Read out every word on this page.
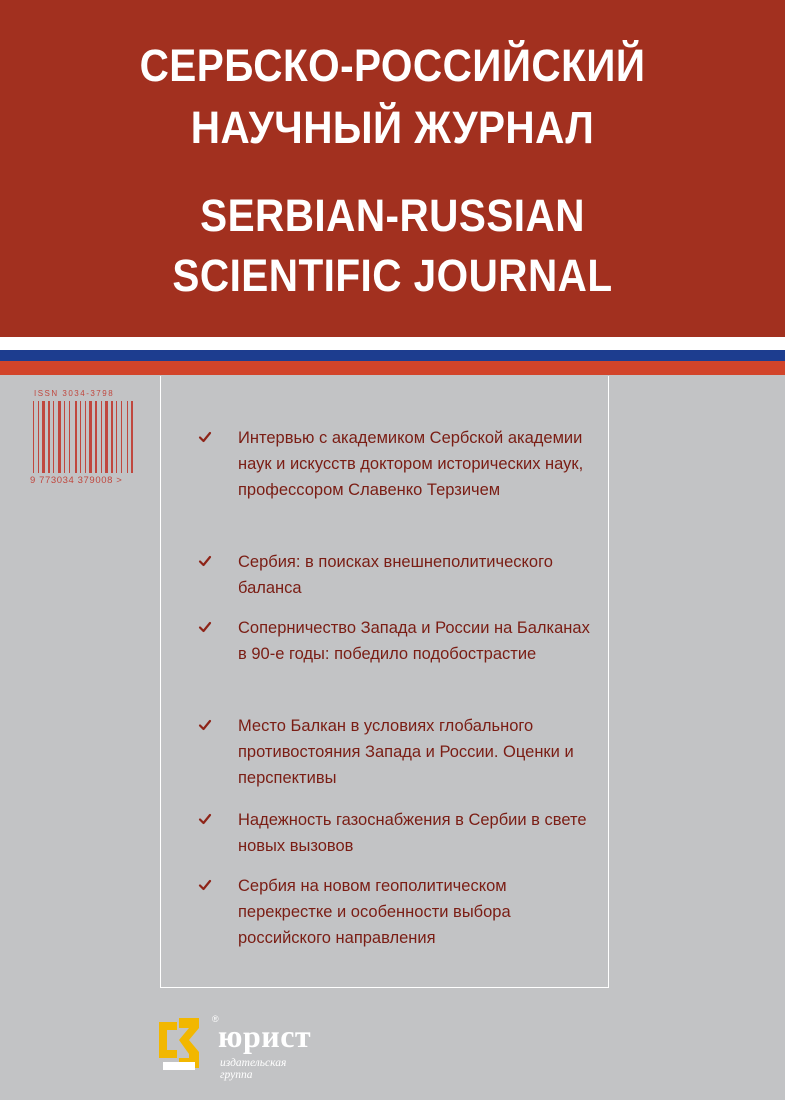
СЕРБСКО-РОССИЙСКИЙ
НАУЧНЫЙ ЖУРНАЛ
SERBIAN-RUSSIAN
SCIENTIFIC JOURNAL
ISSN 3034-3798
9 773034 379008 >
Интервью с академиком Сербской академии наук и искусств доктором исторических наук, профессором Славенко Терзичем
Сербия: в поисках внешнеполитического баланса
Соперничество Запада и России на Балканах в 90-е годы: победило подобострастие
Место Балкан в условиях глобального противостояния Запада и России. Оценки и перспективы
Надежность газоснабжения в Сербии в свете новых вызовов
Сербия на новом геополитическом перекрестке и особенности выбора российского направления
® юрист
издательская
группа
